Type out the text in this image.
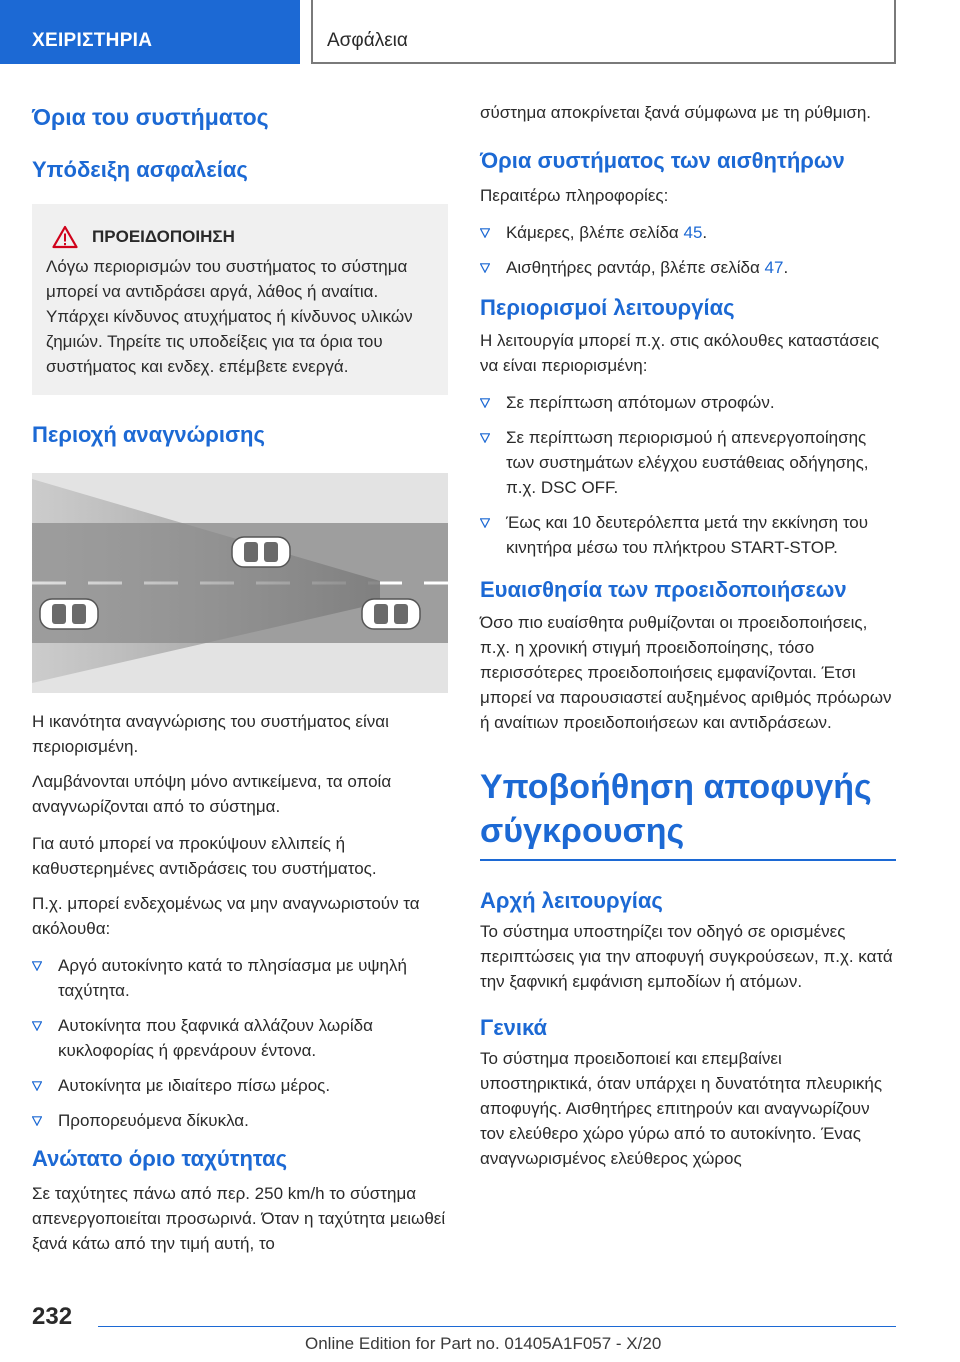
ΧΕΙΡΙΣΤΗΡΙΑ	Ασφάλεια
Όρια του συστήματος
Υπόδειξη ασφαλείας
ΠΡΟΕΙΔΟΠΟΙΗΣΗ

Λόγω περιορισμών του συστήματος το σύστημα μπορεί να αντιδράσει αργά, λάθος ή αναίτια. Υπάρχει κίνδυνος ατυχήματος ή κίνδυνος υλικών ζημιών. Τηρείτε τις υποδείξεις για τα όρια του συστήματος και ενδεχ. επέμβετε ενεργά.

Περιοχή αναγνώρισης

Η ικανότητα αναγνώρισης του συστήματος είναι περιορισμένη.

Λαμβάνονται υπόψη μόνο αντικείμενα, τα οποία αναγνωρίζονται από το σύστημα.

Για αυτό μπορεί να προκύψουν ελλιπείς ή καθυστερημένες αντιδράσεις του συστήματος.

Π.χ. μπορεί ενδεχομένως να μην αναγνωριστούν τα ακόλουθα:

Αργό αυτοκίνητο κατά το πλησίασμα με υψηλή ταχύτητα.
Αυτοκίνητα που ξαφνικά αλλάζουν λωρίδα κυκλοφορίας ή φρενάρουν έντονα.
Αυτοκίνητα με ιδιαίτερο πίσω μέρος.
Προπορευόμενα δίκυκλα.
Ανώτατο όριο ταχύτητας

Σε ταχύτητες πάνω από περ. 250 km/h το σύστημα απενεργοποιείται προσωρινά. Όταν η ταχύτητα μειωθεί ξανά κάτω από την τιμή αυτή, το

σύστημα αποκρίνεται ξανά σύμφωνα με τη ρύθμιση.

Όρια συστήματος των αισθητήρων

Περαιτέρω πληροφορίες:

Κάμερες, βλέπε σελίδα 45.
Αισθητήρες ραντάρ, βλέπε σελίδα 47.
Περιορισμοί λειτουργίας

Η λειτουργία μπορεί π.χ. στις ακόλουθες καταστάσεις να είναι περιορισμένη:

Σε περίπτωση απότομων στροφών.
Σε περίπτωση περιορισμού ή απενεργοποίησης των συστημάτων ελέγχου ευστάθειας οδήγησης, π.χ. DSC OFF.
Έως και 10 δευτερόλεπτα μετά την εκκίνηση του κινητήρα μέσω του πλήκτρου START-STOP.
Ευαισθησία των προειδοποιήσεων

Όσο πιο ευαίσθητα ρυθμίζονται οι προειδοποιήσεις, π.χ. η χρονική στιγμή προειδοποίησης, τόσο περισσότερες προειδοποιήσεις εμφανίζονται. Έτσι μπορεί να παρουσιαστεί αυξημένος αριθμός πρόωρων ή αναίτιων προειδοποιήσεων και αντιδράσεων.

Υποβοήθηση αποφυγής σύγκρουσης
Αρχή λειτουργίας

Το σύστημα υποστηρίζει τον οδηγό σε ορισμένες περιπτώσεις για την αποφυγή συγκρούσεων, π.χ. κατά την ξαφνική εμφάνιση εμποδίων ή ατόμων.

Γενικά

Το σύστημα προειδοποιεί και επεμβαίνει υποστηρικτικά, όταν υπάρχει η δυνατότητα πλευρικής αποφυγής. Αισθητήρες επιτηρούν και αναγνωρίζουν τον ελεύθερο χώρο γύρω από το αυτοκίνητο. Ένας αναγνωρισμένος ελεύθερος χώρος

232
Online Edition for Part no. 01405A1F057 - X/20
